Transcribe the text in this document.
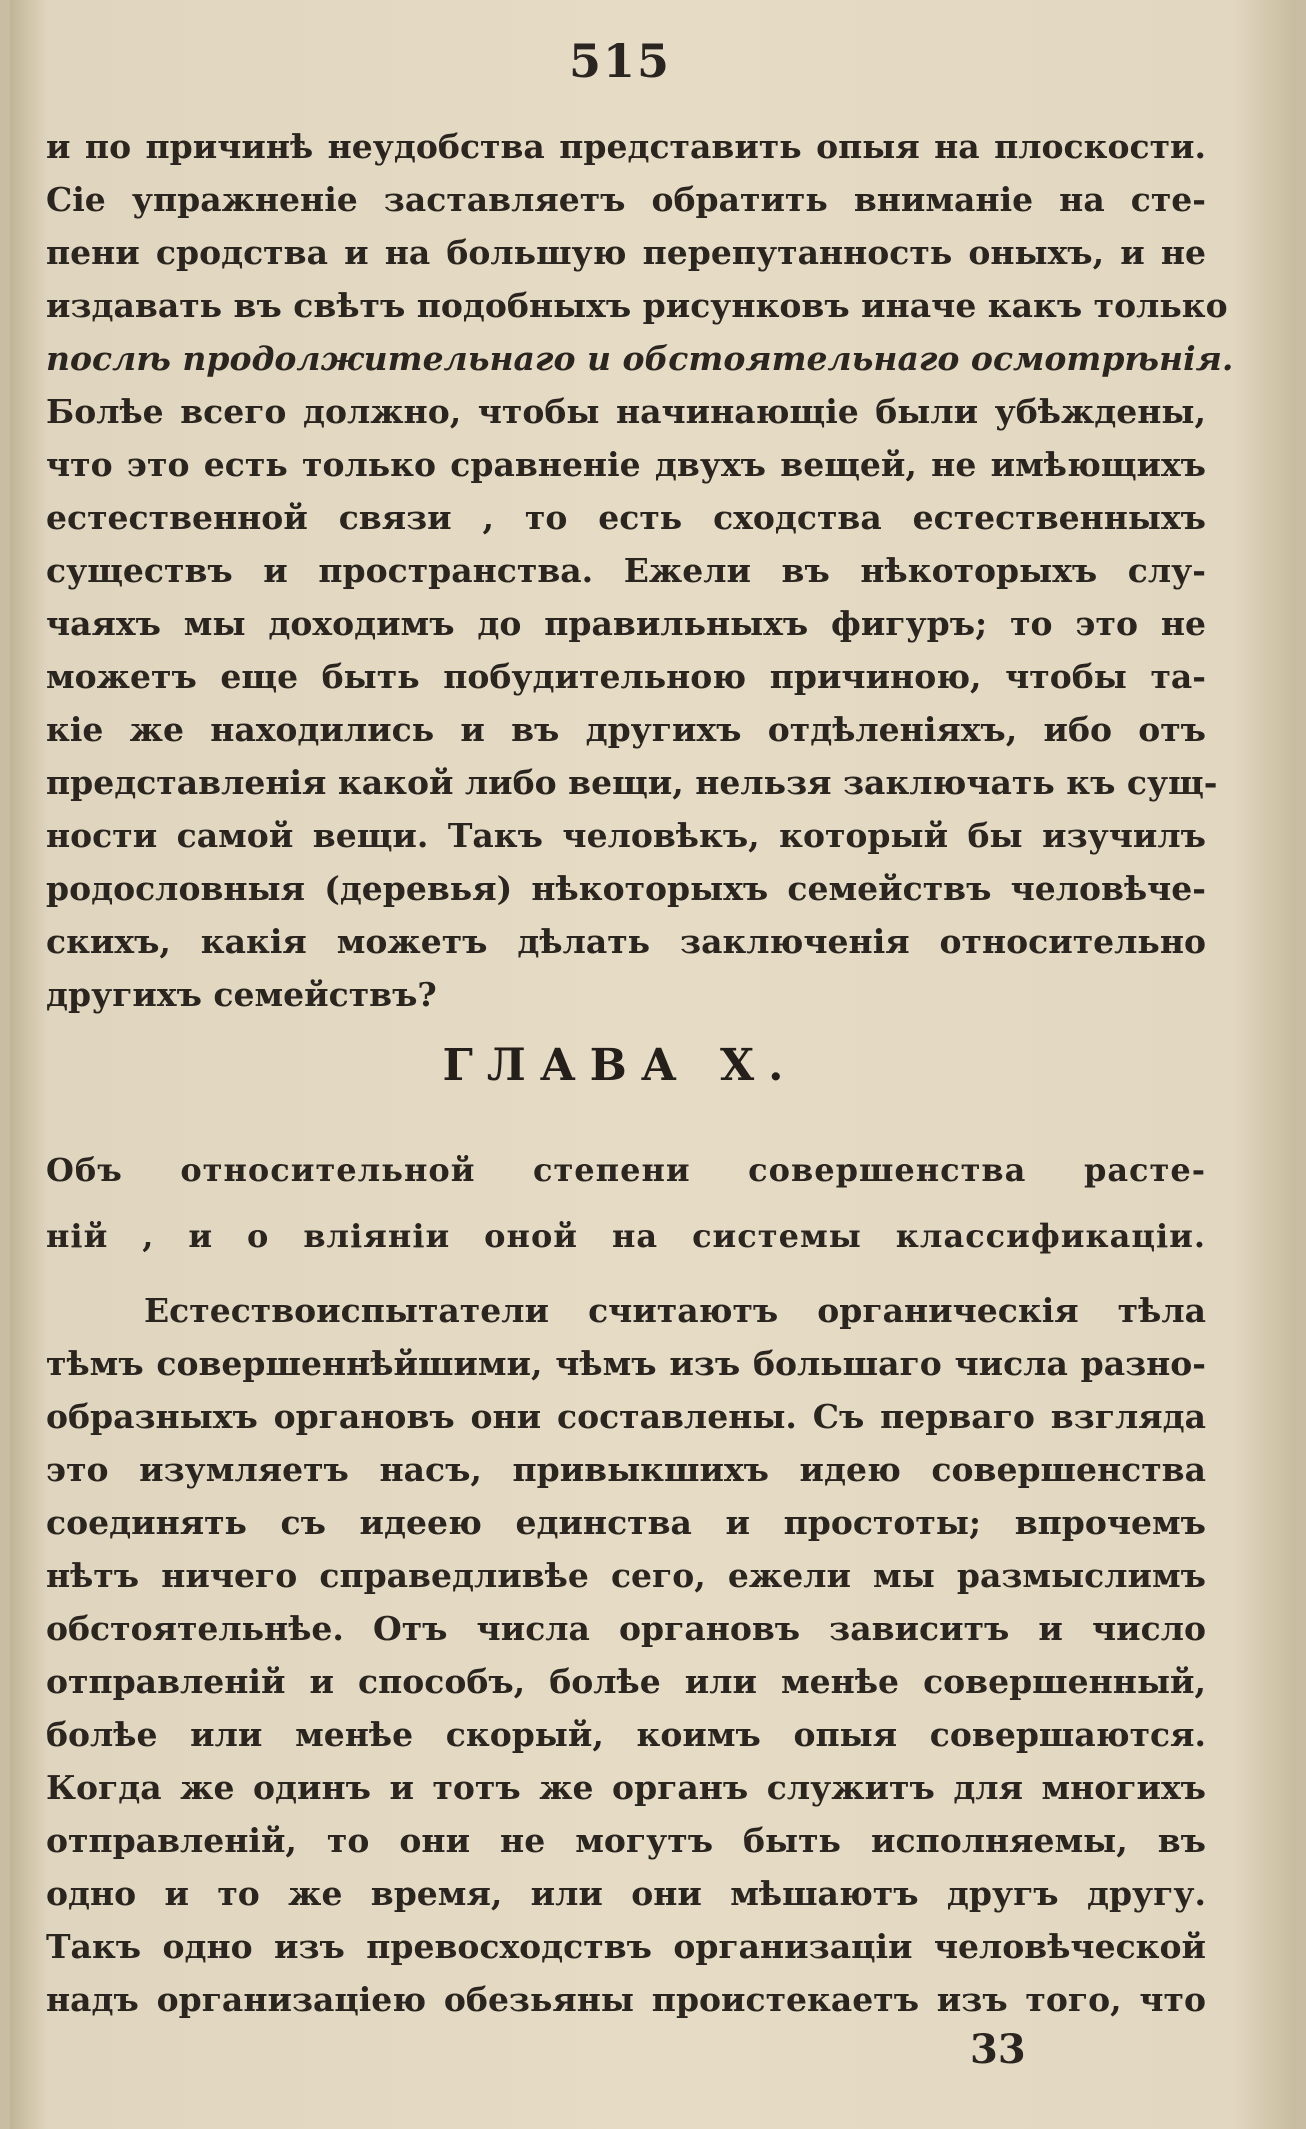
515
и по причинѣ неудобства представить опыя на плоскости.
Сiе упражненiе заставляетъ обратить вниманiе на сте-
пени сродства и на большую перепутанность оныхъ, и не
издавать въ свѣтъ подобныхъ рисунковъ иначе какъ только
послѣ продолжительнаго и обстоятельнаго осмотрѣнiя.
Болѣе всего должно, чтобы начинающiе были убѣждены,
что это есть только сравненiе двухъ вещей, не имѣющихъ
естественной связи , то есть сходства естественныхъ
существъ и пространства. Ежели въ нѣкоторыхъ слу-
чаяхъ мы доходимъ до правильныхъ фигуръ; то это не
можетъ еще быть побудительною причиною, чтобы та-
кiе же находились и въ другихъ отдѣленiяхъ, ибо отъ
представленiя какой либо вещи, нельзя заключать къ сущ-
ности самой вещи. Такъ человѣкъ, который бы изучилъ
родословныя (деревья) нѣкоторыхъ семействъ человѣче-
скихъ, какiя можетъ дѣлать заключенiя относительно
другихъ семействъ?
ГЛАВА X.
Объ относительной степени совершенства расте-
нiй , и о влiянiи оной на системы классификацiи.
Естествоиспытатели считаютъ органическiя тѣла
тѣмъ совершеннѣйшими, чѣмъ изъ большаго числа разно-
образныхъ органовъ они составлены. Съ перваго взгляда
это изумляетъ насъ, привыкшихъ идею совершенства
соединять съ идеею единства и простоты; впрочемъ
нѣтъ ничего справедливѣе сего, ежели мы размыслимъ
обстоятельнѣе. Отъ числа органовъ зависитъ и число
отправленiй и способъ, болѣе или менѣе совершенный,
болѣе или менѣе скорый, коимъ опыя совершаются.
Когда же одинъ и тотъ же органъ служитъ для многихъ
отправленiй, то они не могутъ быть исполняемы, въ
одно и то же время, или они мѣшаютъ другъ другу.
Такъ одно изъ превосходствъ организацiи человѣческой
надъ организацiею обезьяны проистекаетъ изъ того, что
33
